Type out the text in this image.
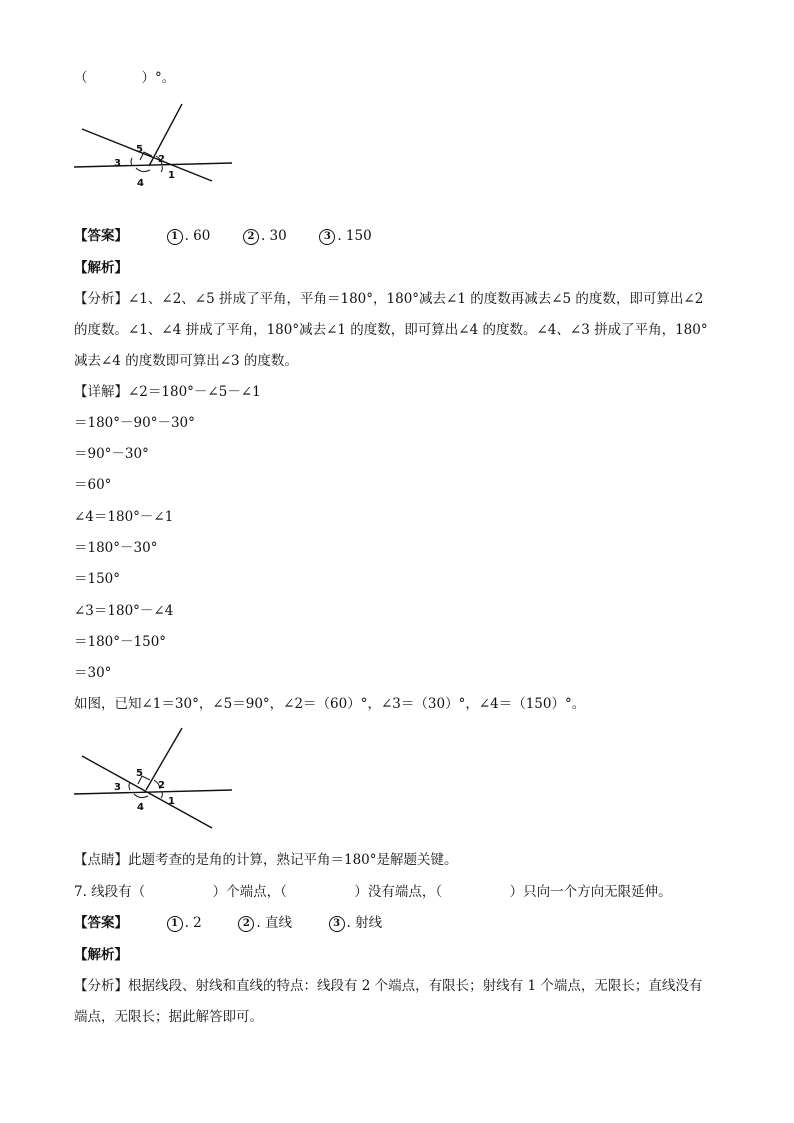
（　　　　）°。
5
2
3
4
1
【答案】	1 . 60	2 . 30	3 . 150
【解析】
【分析】∠1、∠2、∠5 拼成了平角，平角＝180°，180°减去∠1 的度数再减去∠5 的度数，即可算出∠2
的度数。∠1、∠4 拼成了平角，180°减去∠1 的度数，即可算出∠4 的度数。∠4、∠3 拼成了平角，180°
减去∠4 的度数即可算出∠3 的度数。
【详解】∠2＝180°－∠5－∠1
＝180°－90°－30°
＝90°－30°
＝60°
∠4＝180°－∠1
＝180°－30°
＝150°
∠3＝180°－∠4
＝180°－150°
＝30°
如图，已知∠1＝30°，∠5＝90°，∠2＝（60）°，∠3＝（30）°，∠4＝（150）°。
5
2
3
4
1
【点睛】此题考查的是角的计算，熟记平角＝180°是解题关键。
7. 线段有（　　　　　）个端点，（　　　　　）没有端点，（　　　　　）只向一个方向无限延伸。
【答案】	1 . 2	2 . 直线	3 . 射线
【解析】
【分析】根据线段、射线和直线的特点：线段有 2 个端点，有限长；射线有 1 个端点，无限长；直线没有
端点，无限长；据此解答即可。
